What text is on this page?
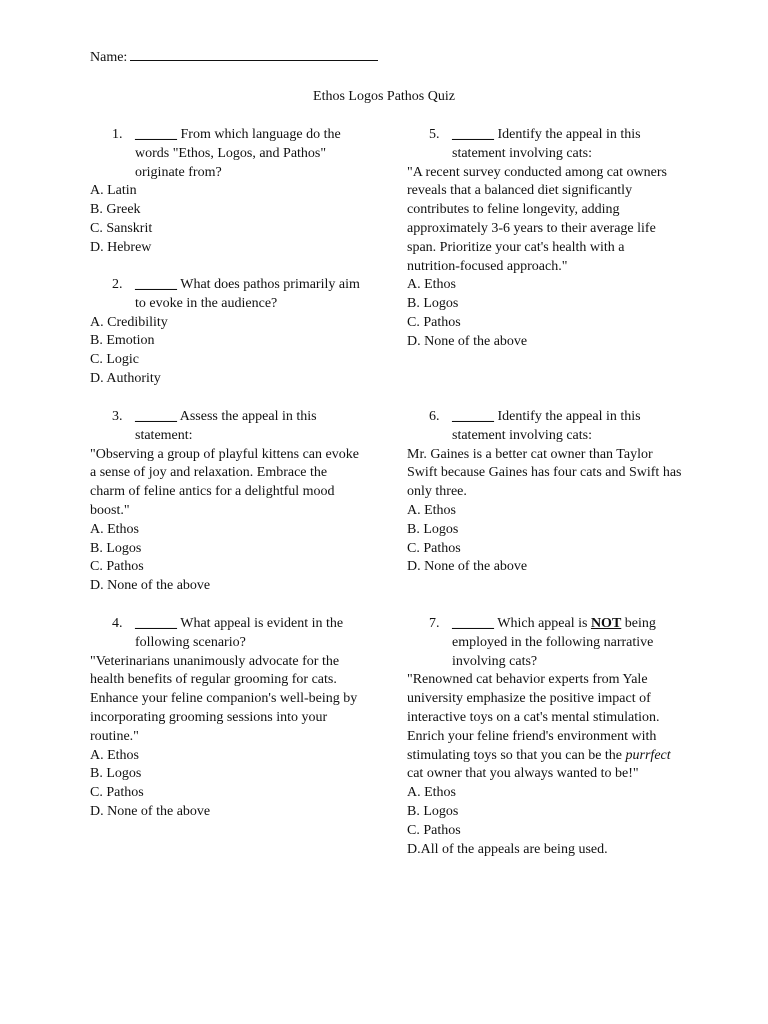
Name:
Ethos Logos Pathos Quiz
1. ______ From which language do the
words "Ethos, Logos, and Pathos"
originate from?
A. Latin
B. Greek
C. Sanskrit
D. Hebrew
2. ______ What does pathos primarily aim
to evoke in the audience?
A. Credibility
B. Emotion
C. Logic
D. Authority
3. ______ Assess the appeal in this
statement:
"Observing a group of playful kittens can evoke
a sense of joy and relaxation. Embrace the
charm of feline antics for a delightful mood
boost."
A. Ethos
B. Logos
C. Pathos
D. None of the above
4. ______ What appeal is evident in the
following scenario?
"Veterinarians unanimously advocate for the
health benefits of regular grooming for cats.
Enhance your feline companion's well-being by
incorporating grooming sessions into your
routine."
A. Ethos
B. Logos
C. Pathos
D. None of the above
5. ______ Identify the appeal in this
statement involving cats:
"A recent survey conducted among cat owners
reveals that a balanced diet significantly
contributes to feline longevity, adding
approximately 3-6 years to their average life
span. Prioritize your cat's health with a
nutrition-focused approach."
A. Ethos
B. Logos
C. Pathos
D. None of the above
6. ______ Identify the appeal in this
statement involving cats:
Mr. Gaines is a better cat owner than Taylor
Swift because Gaines has four cats and Swift has
only three.
A. Ethos
B. Logos
C. Pathos
D. None of the above
7. ______ Which appeal is NOT being
employed in the following narrative
involving cats?
"Renowned cat behavior experts from Yale
university emphasize the positive impact of
interactive toys on a cat's mental stimulation.
Enrich your feline friend's environment with
stimulating toys so that you can be the purrfect
cat owner that you always wanted to be!"
A. Ethos
B. Logos
C. Pathos
D.All of the appeals are being used.
